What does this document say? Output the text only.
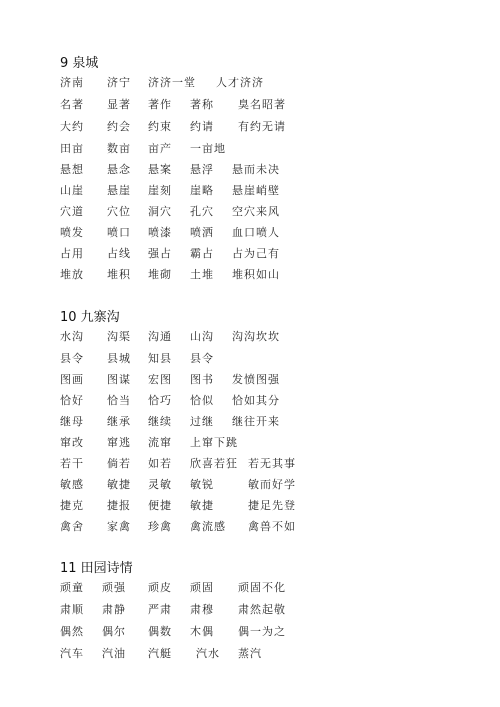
9 泉城
济南 济宁 济济一堂 人才济济
名著 显著 著作 著称 臭名昭著
大约 约会 约束 约请 有约无请
田亩 数亩 亩产 一亩地
悬想 悬念 悬案 悬浮 悬而未决
山崖 悬崖 崖刻 崖略 悬崖峭壁
穴道 穴位 洞穴 孔穴 空穴来风
喷发 喷口 喷漆 喷洒 血口喷人
占用 占线 强占 霸占 占为己有
堆放 堆积 堆砌 土堆 堆积如山
10 九寨沟
水沟 沟渠 沟通 山沟 沟沟坎坎
县令 县城 知县 县令
图画 图谋 宏图 图书 发愤图强
恰好 恰当 恰巧 恰似 恰如其分
继母 继承 继续 过继 继往开来
窜改 窜逃 流窜 上窜下跳
若干 倘若 如若 欣喜若狂 若无其事
敏感 敏捷 灵敏 敏锐	敏而好学
捷克 捷报 便捷 敏捷	捷足先登
禽舍 家禽 珍禽 禽流感 禽兽不如
11 田园诗情
顽童 顽强 顽皮 顽固 顽固不化
肃顺 肃静 严肃 肃穆 肃然起敬
偶然 偶尔 偶数 木偶 偶一为之
汽车 汽油 汽艇 汽水 蒸汽
